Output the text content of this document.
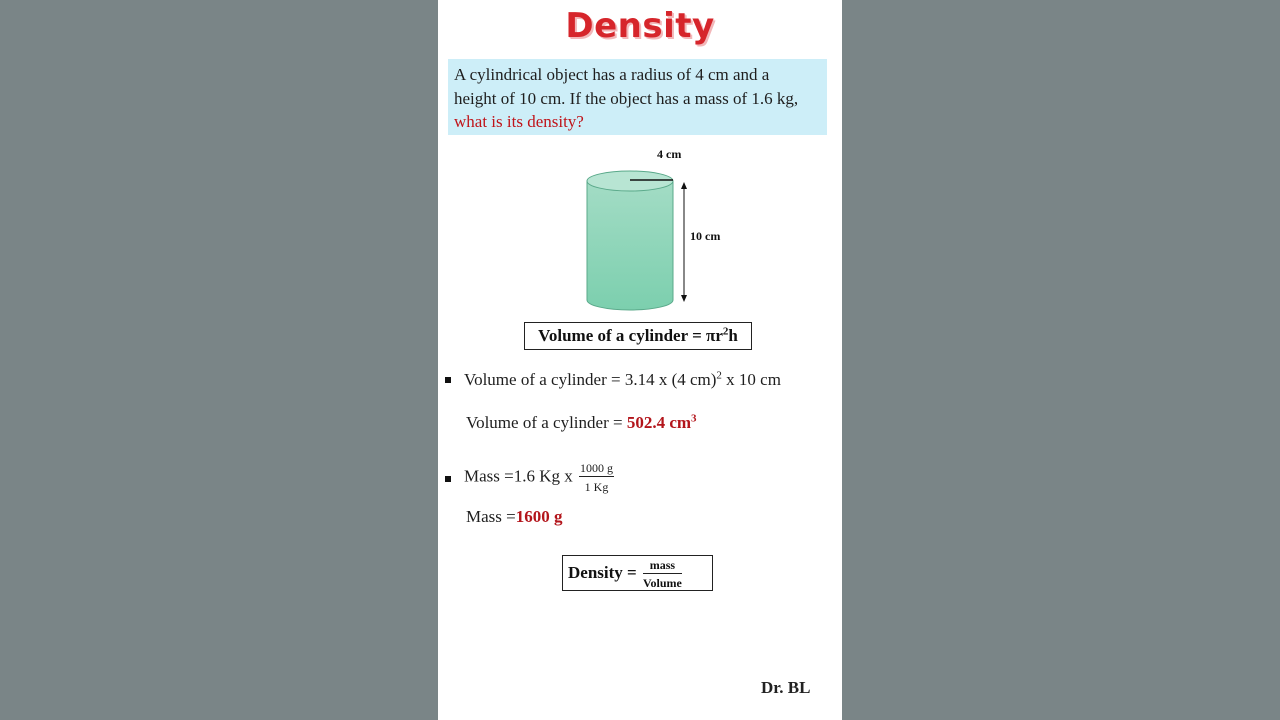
Density
A cylindrical object has a radius of 4 cm and a
height of 10 cm. If the object has a mass of 1.6 kg,
what is its density?
4 cm
10 cm
Volume of a cylinder = $\pi r^2h$
Volume of a cylinder = 3.14 x (4 cm)$^2$ x 10 cm
Volume of a cylinder = 502.4 $cm^3$
Mass =1.6 Kg x $\frac{1000 g}{1 Kg}$
Mass =1600 g
Density = $\frac{\text{mass}}{\text{Volume}}$
Dr. BL
